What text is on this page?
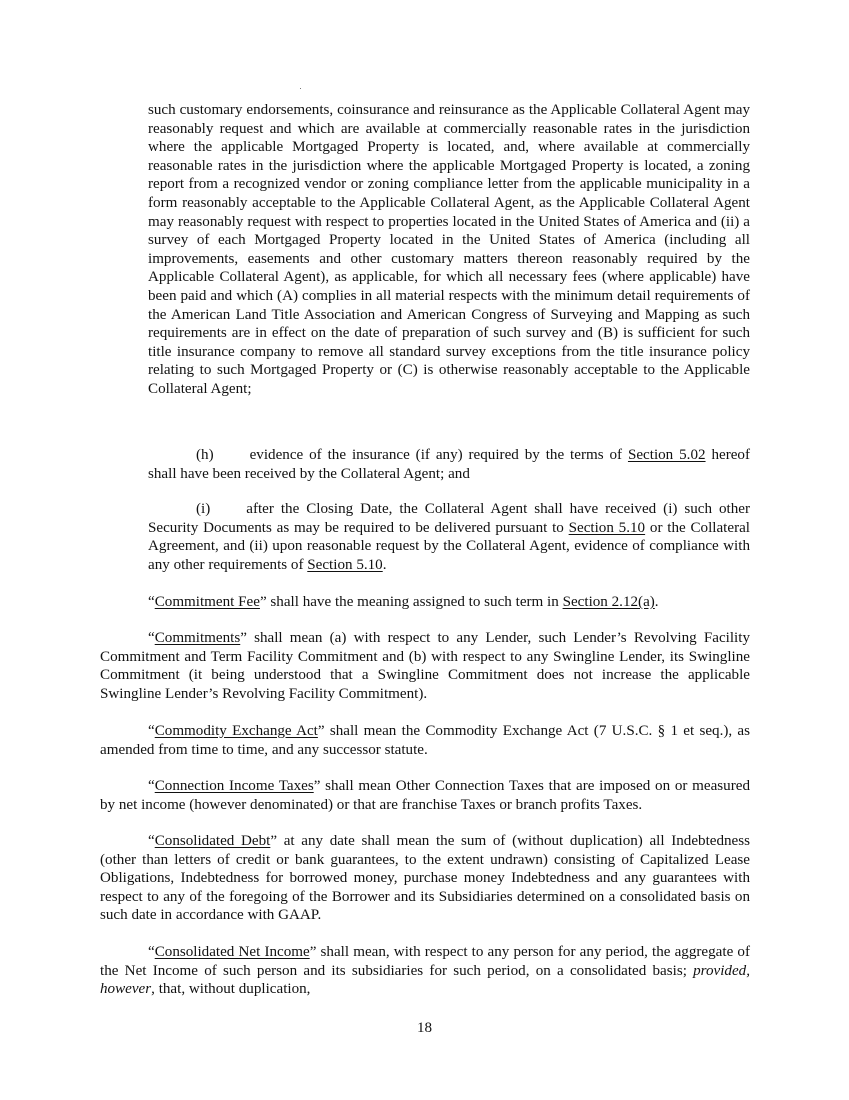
such customary endorsements, coinsurance and reinsurance as the Applicable Collateral Agent may reasonably request and which are available at commercially reasonable rates in the jurisdiction where the applicable Mortgaged Property is located, and, where available at commercially reasonable rates in the jurisdiction where the applicable Mortgaged Property is located, a zoning report from a recognized vendor or zoning compliance letter from the applicable municipality in a form reasonably acceptable to the Applicable Collateral Agent, as the Applicable Collateral Agent may reasonably request with respect to properties located in the United States of America and (ii) a survey of each Mortgaged Property located in the United States of America (including all improvements, easements and other customary matters thereon reasonably required by the Applicable Collateral Agent), as applicable, for which all necessary fees (where applicable) have been paid and which (A) complies in all material respects with the minimum detail requirements of the American Land Title Association and American Congress of Surveying and Mapping as such requirements are in effect on the date of preparation of such survey and (B) is sufficient for such title insurance company to remove all standard survey exceptions from the title insurance policy relating to such Mortgaged Property or (C) is otherwise reasonably acceptable to the Applicable Collateral Agent;

(h) evidence of the insurance (if any) required by the terms of Section 5.02 hereof shall have been received by the Collateral Agent; and

(i) after the Closing Date, the Collateral Agent shall have received (i) such other Security Documents as may be required to be delivered pursuant to Section 5.10 or the Collateral Agreement, and (ii) upon reasonable request by the Collateral Agent, evidence of compliance with any other requirements of Section 5.10.

“Commitment Fee” shall have the meaning assigned to such term in Section 2.12(a).

“Commitments” shall mean (a) with respect to any Lender, such Lender’s Revolving Facility Commitment and Term Facility Commitment and (b) with respect to any Swingline Lender, its Swingline Commitment (it being understood that a Swingline Commitment does not increase the applicable Swingline Lender’s Revolving Facility Commitment).

“Commodity Exchange Act” shall mean the Commodity Exchange Act (7 U.S.C. § 1 et seq.), as amended from time to time, and any successor statute.

“Connection Income Taxes” shall mean Other Connection Taxes that are imposed on or measured by net income (however denominated) or that are franchise Taxes or branch profits Taxes.

“Consolidated Debt” at any date shall mean the sum of (without duplication) all Indebtedness (other than letters of credit or bank guarantees, to the extent undrawn) consisting of Capitalized Lease Obligations, Indebtedness for borrowed money, purchase money Indebtedness and any guarantees with respect to any of the foregoing of the Borrower and its Subsidiaries determined on a consolidated basis on such date in accordance with GAAP.

“Consolidated Net Income” shall mean, with respect to any person for any period, the aggregate of the Net Income of such person and its subsidiaries for such period, on a consolidated basis; provided, however, that, without duplication,

18
